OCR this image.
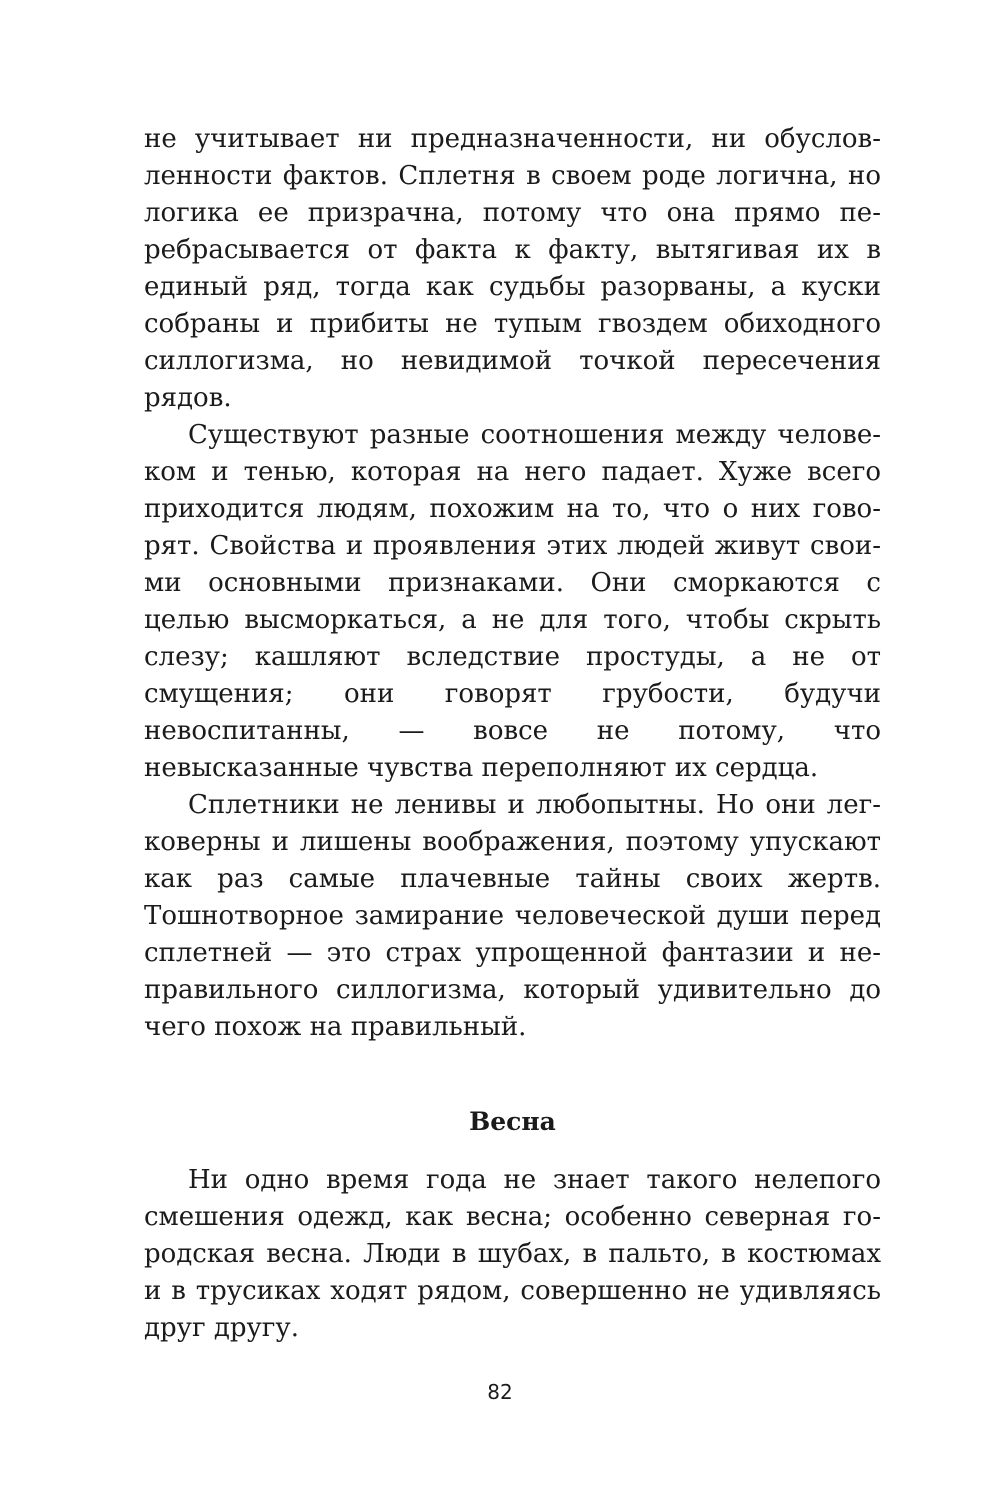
не учитывает ни предназначенности, ни обусловленности фактов. Сплетня в своем роде логична, но логика ее призрачна, потому что она прямо перебрасывается от факта к факту, вытягивая их в единый ряд, тогда как судьбы разорваны, а куски собраны и прибиты не тупым гвоздем обиходного силлогизма, но невидимой точкой пересечения рядов.

Существуют разные соотношения между человеком и тенью, которая на него падает. Хуже всего приходится людям, похожим на то, что о них говорят. Свойства и проявления этих людей живут своими основными признаками. Они сморкаются с целью высморкаться, а не для того, чтобы скрыть слезу; кашляют вследствие простуды, а не от смущения; они говорят грубости, будучи невоспитанны, — вовсе не потому, что невысказанные чувства переполняют их сердца.

Сплетники не ленивы и любопытны. Но они легковерны и лишены воображения, поэтому упускают как раз самые плачевные тайны своих жертв. Тошнотворное замирание человеческой души перед сплетней — это страх упрощенной фантазии и неправильного силлогизма, который удивительно до чего похож на правильный.

Весна

Ни одно время года не знает такого нелепого смешения одежд, как весна; особенно северная городская весна. Люди в шубах, в пальто, в костюмах и в трусиках ходят рядом, совершенно не удивляясь друг другу.

82
